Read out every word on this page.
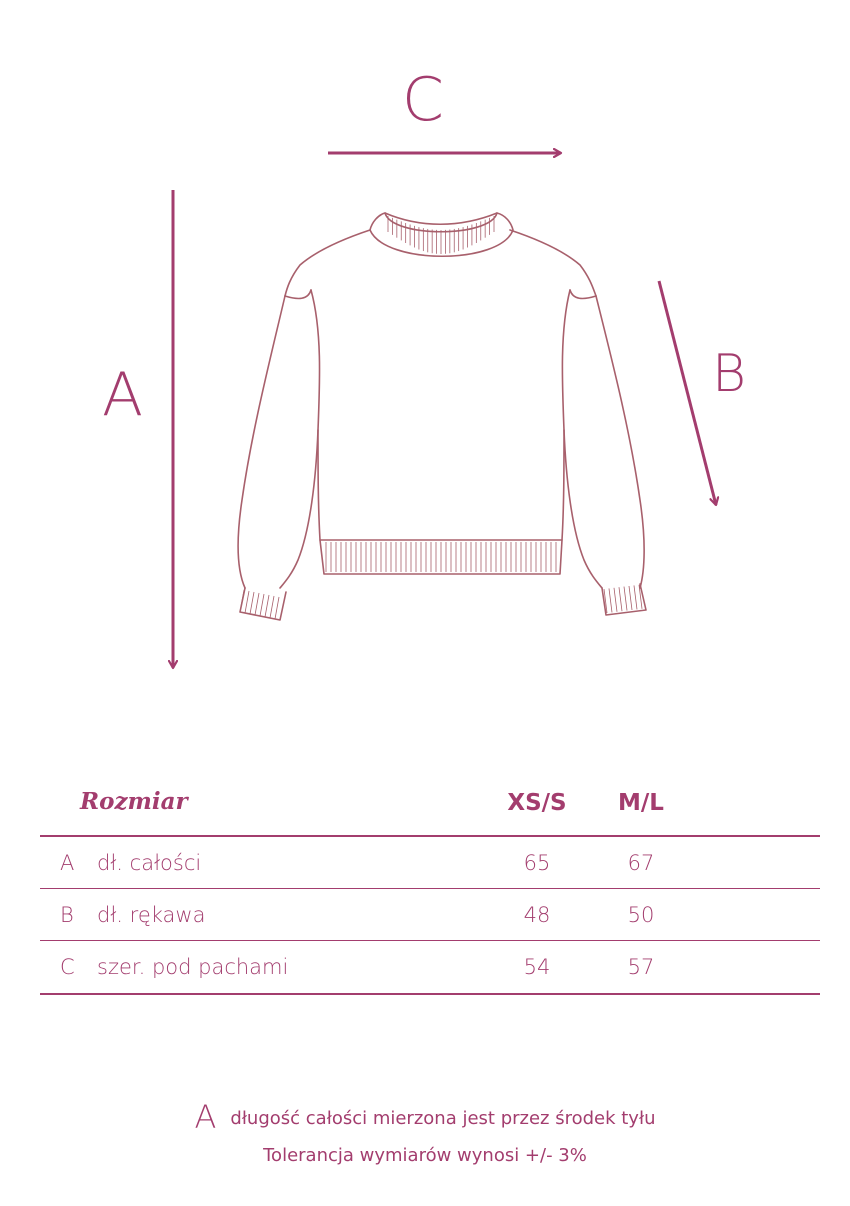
C
A	B
Rozmiar	XS/S	M/L
A dł. całości	65	67
B dł. rękawa	48	50
C szer. pod pachami	54	57
Adługość całości mierzona jest przez środek tyłu
Tolerancja wymiarów wynosi +/- 3%
